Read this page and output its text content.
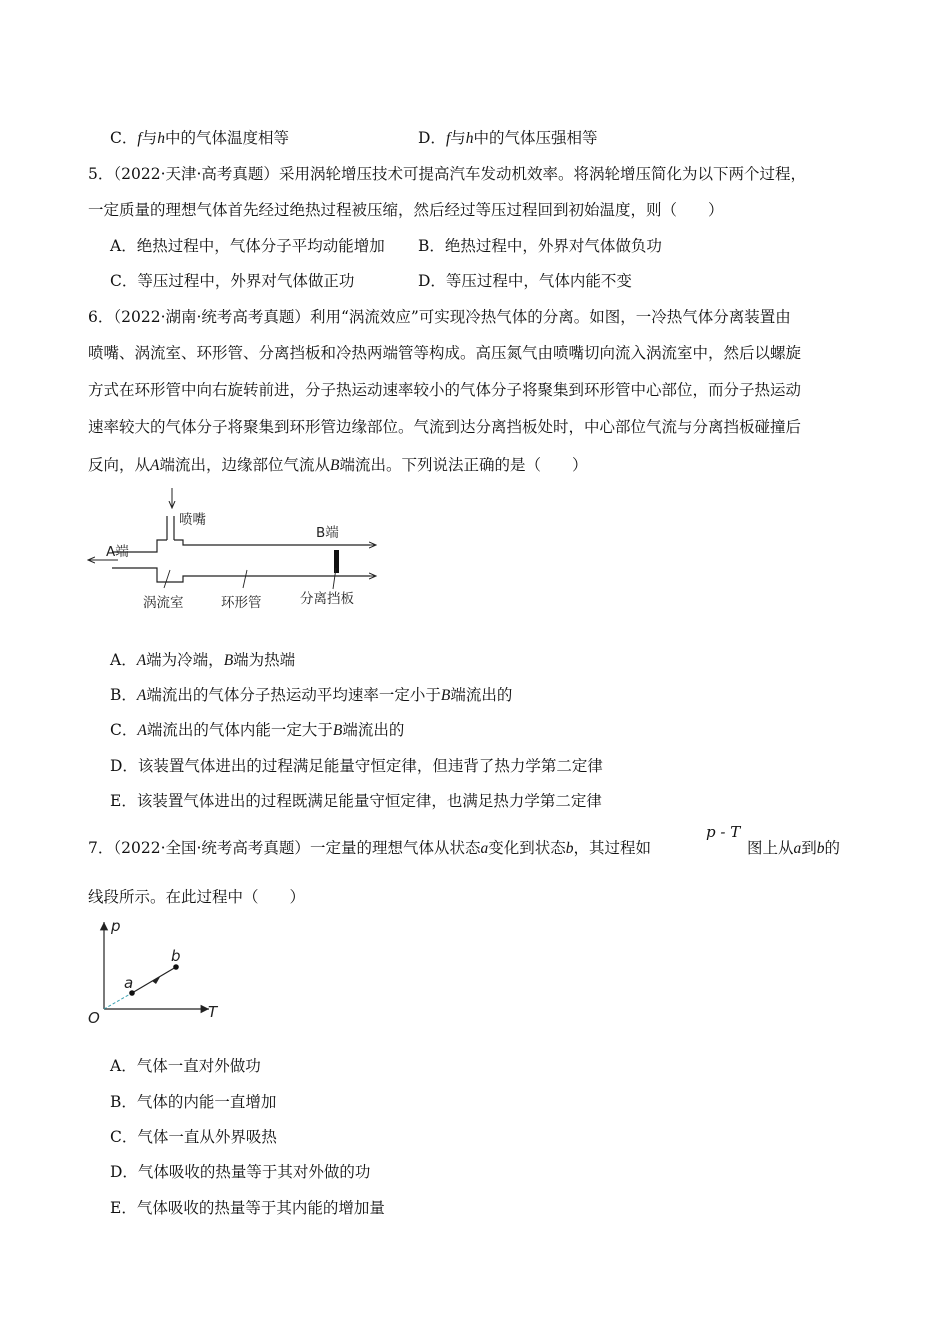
C．f与h中的气体温度相等	D．f与h中的气体压强相等
5．（2022·天津·高考真题）采用涡轮增压技术可提高汽车发动机效率。将涡轮增压简化为以下两个过程，
一定质量的理想气体首先经过绝热过程被压缩，然后经过等压过程回到初始温度，则（　　）
A．绝热过程中，气体分子平均动能增加 B．绝热过程中，外界对气体做负功
C．等压过程中，外界对气体做正功	D．等压过程中，气体内能不变
6．（2022·湖南·统考高考真题）利用“涡流效应”可实现冷热气体的分离。如图，一冷热气体分离装置由
喷嘴、涡流室、环形管、分离挡板和冷热两端管等构成。高压氮气由喷嘴切向流入涡流室中，然后以螺旋
方式在环形管中向右旋转前进，分子热运动速率较小的气体分子将聚集到环形管中心部位，而分子热运动
速率较大的气体分子将聚集到环形管边缘部位。气流到达分离挡板处时，中心部位气流与分离挡板碰撞后
反向，从A端流出，边缘部位气流从B端流出。下列说法正确的是（　　）
喷嘴
B端
A端
涡流室	环形管	分离挡板
A．A端为冷端，B端为热端
B．A端流出的气体分子热运动平均速率一定小于B端流出的
C．A端流出的气体内能一定大于B端流出的
D．该装置气体进出的过程满足能量守恒定律，但违背了热力学第二定律
E．该装置气体进出的过程既满足能量守恒定律，也满足热力学第二定律
p - T
7．（2022·全国·统考高考真题）一定量的理想气体从状态a变化到状态b，其过程如	图上从a到b的
线段所示。在此过程中（　　）
p
T
O
a
b
A．气体一直对外做功
B．气体的内能一直增加
C．气体一直从外界吸热
D．气体吸收的热量等于其对外做的功
E．气体吸收的热量等于其内能的增加量
